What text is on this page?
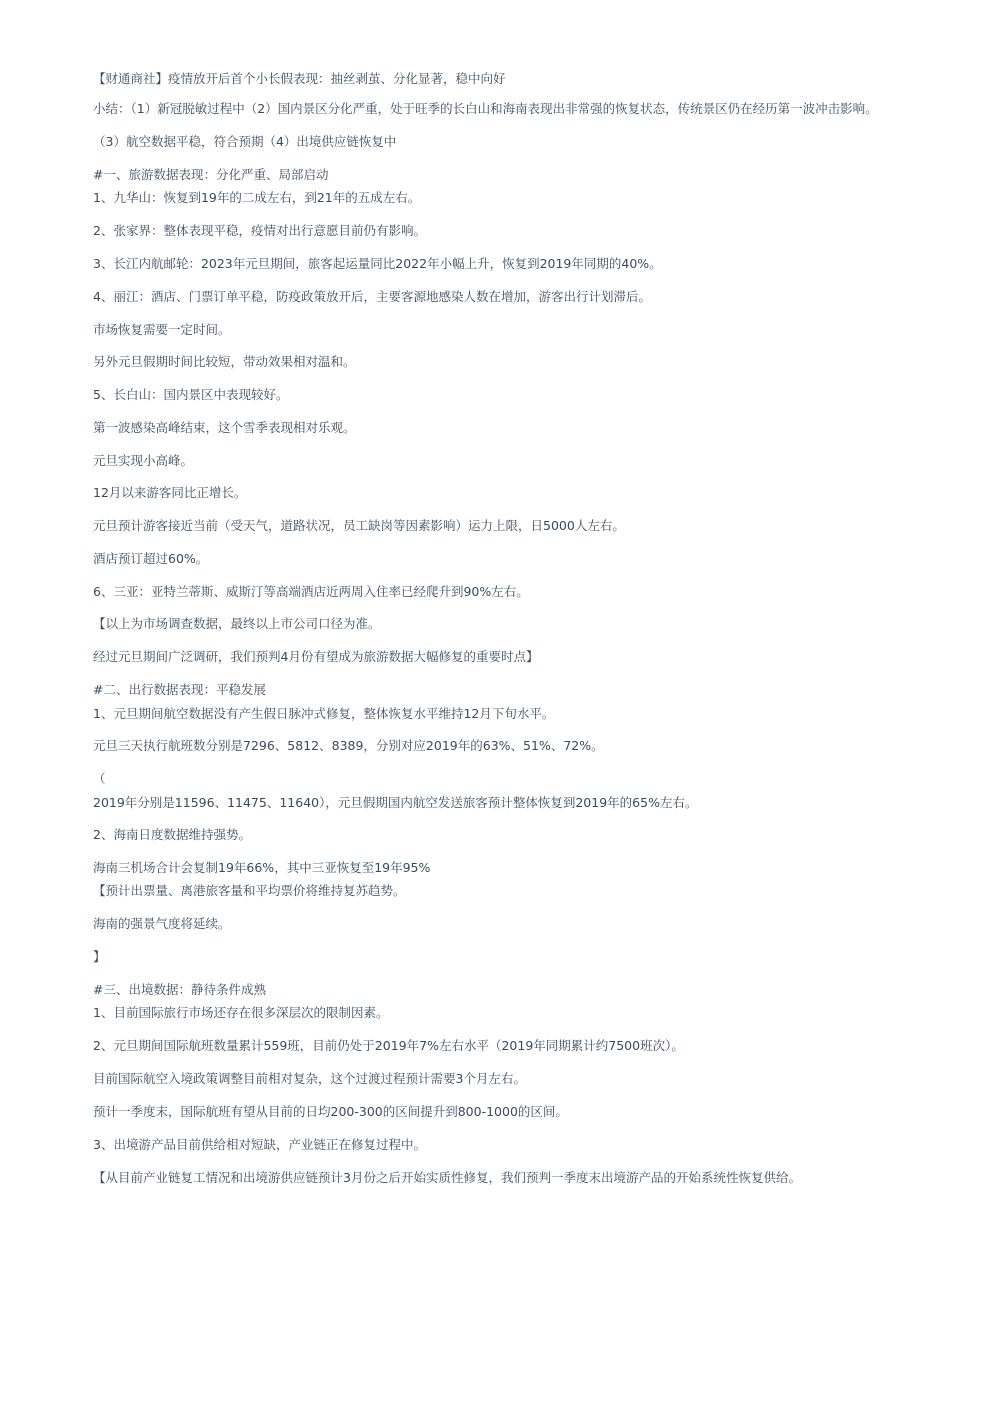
【财通商社】疫情放开后首个小长假表现：抽丝剥茧、分化显著，稳中向好
小结：（1）新冠脱敏过程中（2）国内景区分化严重，处于旺季的长白山和海南表现出非常强的恢复状态，传统景区仍在经历第一波冲击影响。
（3）航空数据平稳，符合预期（4）出境供应链恢复中
#一、旅游数据表现：分化严重、局部启动
1、九华山：恢复到19年的二成左右，到21年的五成左右。
2、张家界：整体表现平稳，疫情对出行意愿目前仍有影响。
3、长江内航邮轮：2023年元旦期间，旅客起运量同比2022年小幅上升，恢复到2019年同期的40%。
4、丽江：酒店、门票订单平稳，防疫政策放开后，主要客源地感染人数在增加，游客出行计划滞后。
市场恢复需要一定时间。
另外元旦假期时间比较短，带动效果相对温和。
5、长白山：国内景区中表现较好。
第一波感染高峰结束，这个雪季表现相对乐观。
元旦实现小高峰。
12月以来游客同比正增长。
元旦预计游客接近当前（受天气，道路状况，员工缺岗等因素影响）运力上限，日5000人左右。
酒店预订超过60%。
6、三亚：亚特兰蒂斯、威斯汀等高端酒店近两周入住率已经爬升到90%左右。
【以上为市场调查数据，最终以上市公司口径为准。
经过元旦期间广泛调研，我们预判4月份有望成为旅游数据大幅修复的重要时点】
#二、出行数据表现：平稳发展
1、元旦期间航空数据没有产生假日脉冲式修复，整体恢复水平维持12月下旬水平。
元旦三天执行航班数分别是7296、5812、8389，分别对应2019年的63%、51%、72%。
（
2019年分别是11596、11475、11640），元旦假期国内航空发送旅客预计整体恢复到2019年的65%左右。
2、海南日度数据维持强势。
海南三机场合计会复制19年66%，其中三亚恢复至19年95%
【预计出票量、离港旅客量和平均票价将维持复苏趋势。
海南的强景气度将延续。
】
#三、出境数据：静待条件成熟
1、目前国际旅行市场还存在很多深层次的限制因素。
2、元旦期间国际航班数量累计559班，目前仍处于2019年7%左右水平（2019年同期累计约7500班次）。
目前国际航空入境政策调整目前相对复杂，这个过渡过程预计需要3个月左右。
预计一季度末，国际航班有望从目前的日均200-300的区间提升到800-1000的区间。
3、出境游产品目前供给相对短缺，产业链正在修复过程中。
【从目前产业链复工情况和出境游供应链预计3月份之后开始实质性修复，我们预判一季度末出境游产品的开始系统性恢复供给。
